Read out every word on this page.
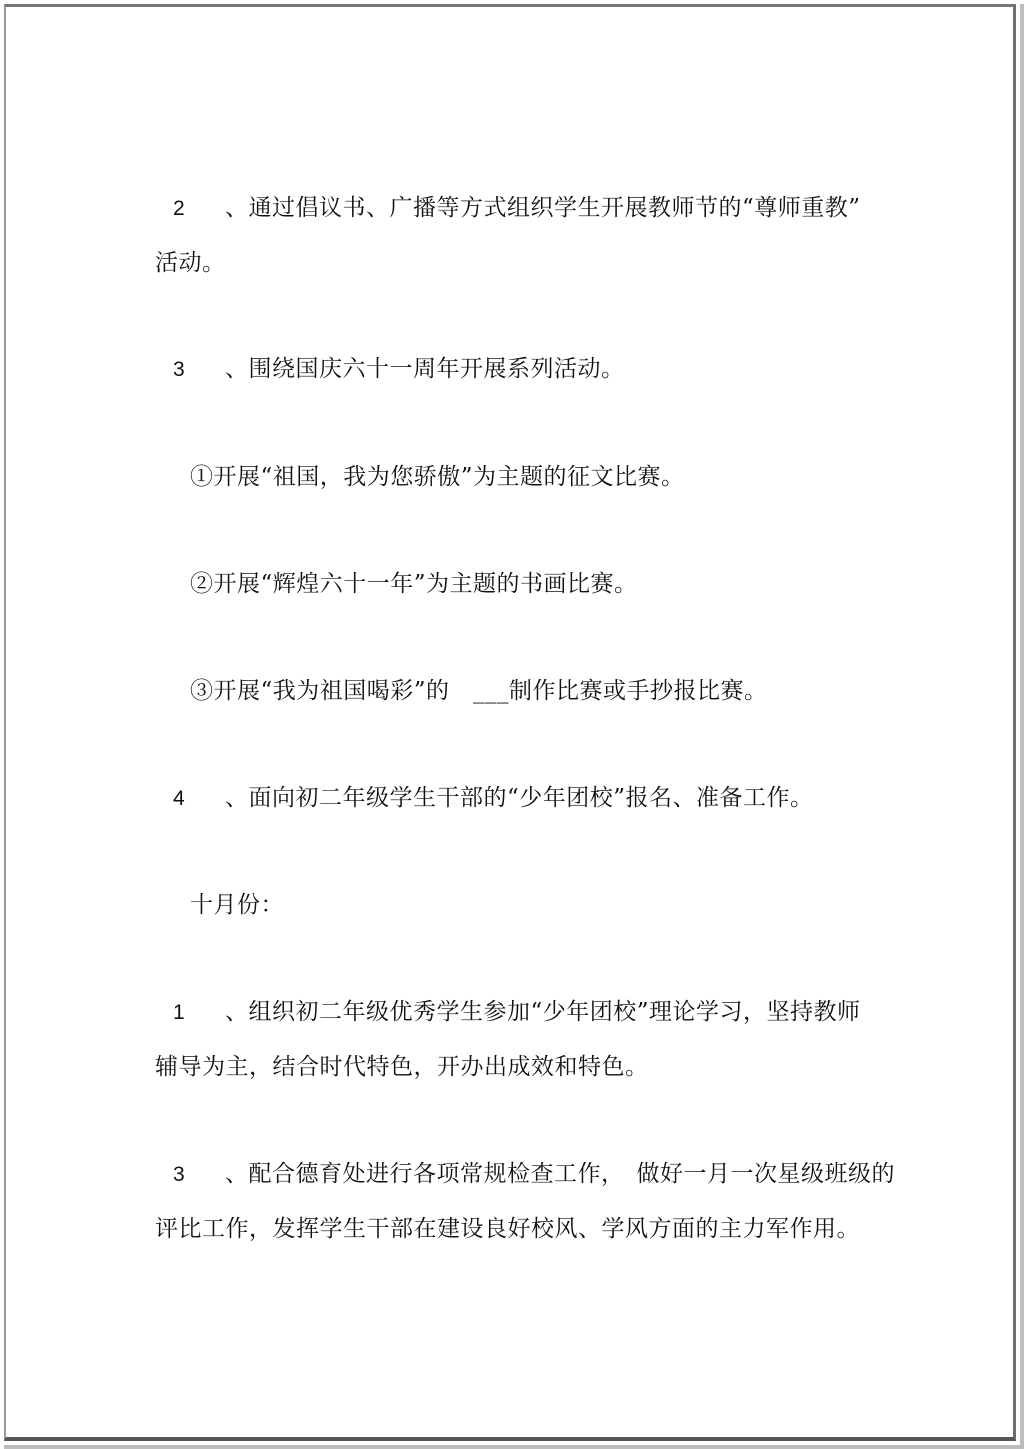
2 、通过倡议书、广播等方式组织学生开展教师节的“尊师重教”
活动。
3 、围绕国庆六十一周年开展系列活动。
①开展“祖国，我为您骄傲”为主题的征文比赛。
②开展“辉煌六十一年”为主题的书画比赛。
③开展“我为祖国喝彩”的　___制作比赛或手抄报比赛。
4 、面向初二年级学生干部的“少年团校”报名、准备工作。
十月份：
1 、组织初二年级优秀学生参加“少年团校”理论学习，坚持教师
辅导为主，结合时代特色，开办出成效和特色。
3 、配合德育处进行各项常规检查工作，　做好一月一次星级班级的
评比工作，发挥学生干部在建设良好校风、学风方面的主力军作用。
